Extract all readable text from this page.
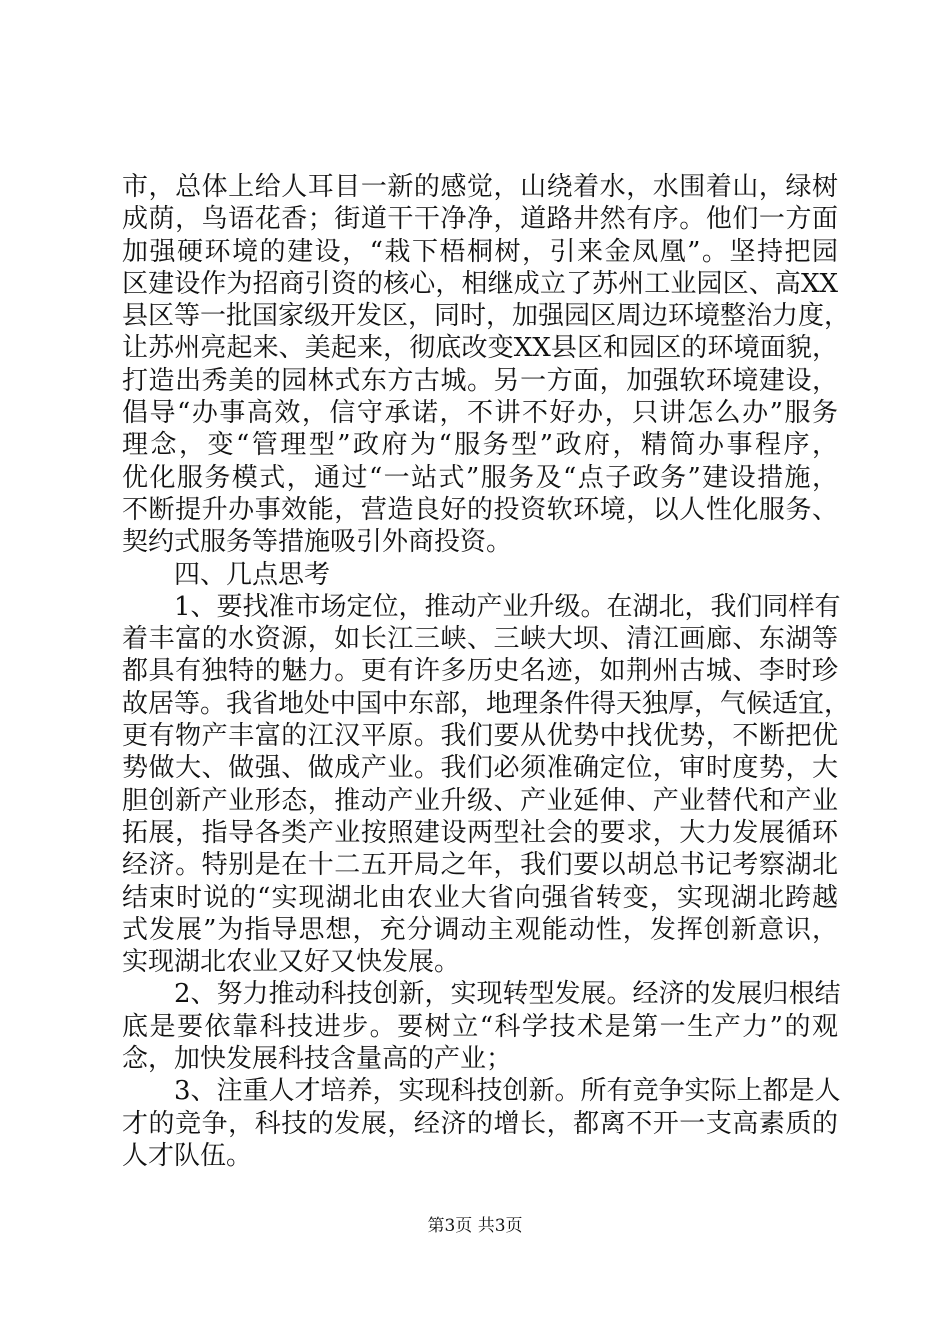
市，总体上给人耳目一新的感觉，山绕着水，水围着山，绿树
成荫，鸟语花香；街道干干净净，道路井然有序。他们一方面
加强硬环境的建设，“栽下梧桐树，引来金凤凰”。坚持把园
区建设作为招商引资的核心，相继成立了苏州工业园区、高XX
县区等一批国家级开发区，同时，加强园区周边环境整治力度，
让苏州亮起来、美起来，彻底改变XX县区和园区的环境面貌，
打造出秀美的园林式东方古城。另一方面，加强软环境建设，
倡导“办事高效，信守承诺，不讲不好办，只讲怎么办”服务
理念，变“管理型”政府为“服务型”政府，精简办事程序，
优化服务模式，通过“一站式”服务及“点子政务”建设措施，
不断提升办事效能，营造良好的投资软环境，以人性化服务、
契约式服务等措施吸引外商投资。
　　四、几点思考
　　1、要找准市场定位，推动产业升级。在湖北，我们同样有
着丰富的水资源，如长江三峡、三峡大坝、清江画廊、东湖等
都具有独特的魅力。更有许多历史名迹，如荆州古城、李时珍
故居等。我省地处中国中东部，地理条件得天独厚，气候适宜，
更有物产丰富的江汉平原。我们要从优势中找优势，不断把优
势做大、做强、做成产业。我们必须准确定位，审时度势，大
胆创新产业形态，推动产业升级、产业延伸、产业替代和产业
拓展，指导各类产业按照建设两型社会的要求，大力发展循环
经济。特别是在十二五开局之年，我们要以胡总书记考察湖北
结束时说的“实现湖北由农业大省向强省转变，实现湖北跨越
式发展”为指导思想，充分调动主观能动性，发挥创新意识，
实现湖北农业又好又快发展。
　　2、努力推动科技创新，实现转型发展。经济的发展归根结
底是要依靠科技进步。要树立“科学技术是第一生产力”的观
念，加快发展科技含量高的产业；
　　3、注重人才培养，实现科技创新。所有竞争实际上都是人
才的竞争，科技的发展，经济的增长，都离不开一支高素质的
人才队伍。
第3页 共3页
